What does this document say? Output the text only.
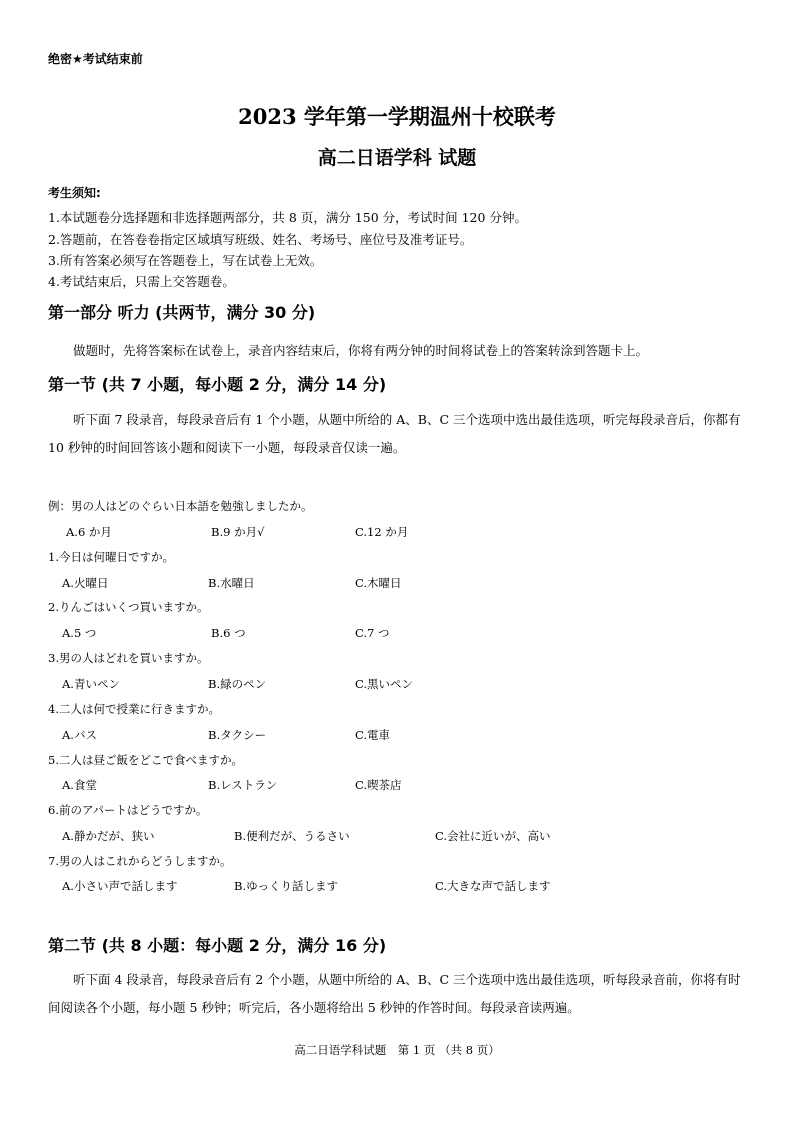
绝密★考试结束前
2023 学年第一学期温州十校联考
高二日语学科 试题
考生须知:
1.本试题卷分选择题和非选择题两部分，共 8 页，满分 150 分，考试时间 120 分钟。
2.答题前，在答卷卷指定区域填写班级、姓名、考场号、座位号及准考证号。
3.所有答案必须写在答题卷上，写在试卷上无效。
4.考试结束后，只需上交答题卷。
第一部分 听力 (共两节，满分 30 分)
做题时，先将答案标在试卷上，录音内容结束后，你将有两分钟的时间将试卷上的答案转涂到答题卡上。
第一节 (共 7 小题，每小题 2 分，满分 14 分)
听下面 7 段录音，每段录音后有 1 个小题，从题中所给的 A、B、C 三个选项中选出最佳选项，听完每段录音后，你都有 10 秒钟的时间回答该小题和阅读下一小题，每段录音仅读一遍。
例：男の人はどのぐらい日本語を勉強しましたか。
A.6 か月	B.9 か月√	C.12 か月
1.今日は何曜日ですか。
A.火曜日	B.水曜日	C.木曜日
2.りんごはいくつ買いますか。
A.5 つ	B.6 つ	C.7 つ
3.男の人はどれを買いますか。
A.青いペン	B.緑のペン	C.黒いペン
4.二人は何で授業に行きますか。
A.バス	B.タクシー	C.電車
5.二人は昼ご飯をどこで食べますか。
A.食堂	B.レストラン	C.喫茶店
6.前のアパートはどうですか。
A.静かだが、狭い	B.便利だが、うるさい	C.会社に近いが、高い
7.男の人はこれからどうしますか。
A.小さい声で話します	B.ゆっくり話します	C.大きな声で話します
第二节 (共 8 小题：每小题 2 分，满分 16 分)
听下面 4 段录音，每段录音后有 2 个小题，从题中所给的 A、B、C 三个选项中选出最佳选项，听每段录音前，你将有时间阅读各个小题，每小题 5 秒钟；听完后，各小题将给出 5 秒钟的作答时间。每段录音读两遍。
高二日语学科试题　第 1 页 （共 8 页）
